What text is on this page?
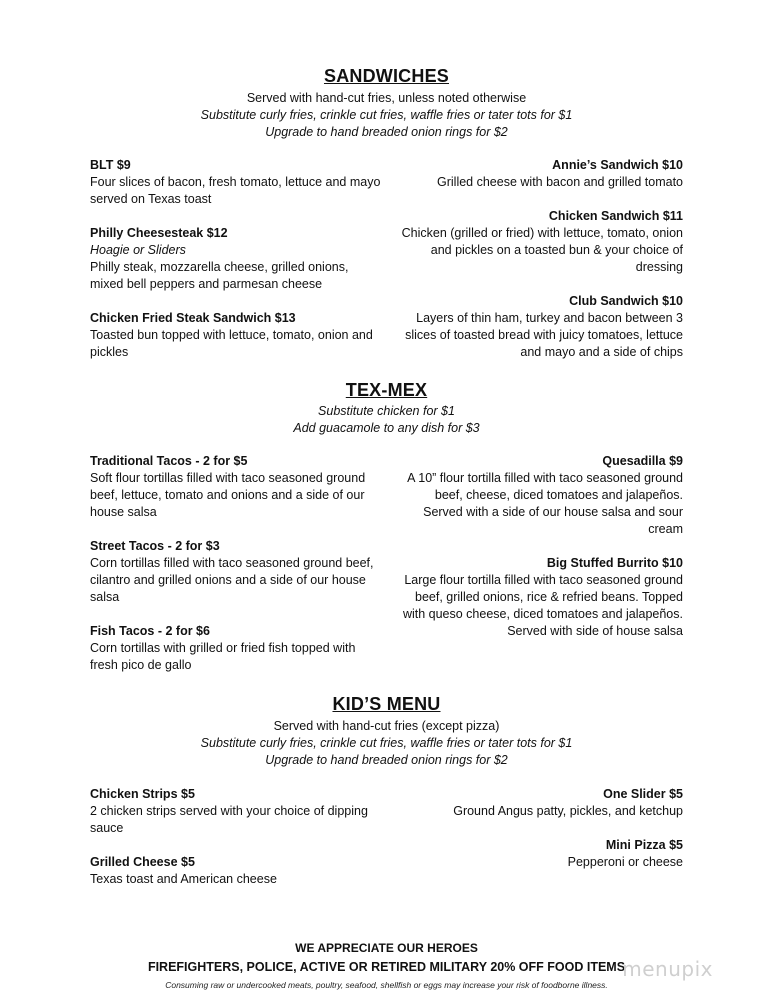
SANDWICHES
Served with hand-cut fries, unless noted otherwise
Substitute curly fries, crinkle cut fries, waffle fries or tater tots for $1
Upgrade to hand breaded onion rings for $2
BLT $9
Four slices of bacon, fresh tomato, lettuce and mayo served on Texas toast
Philly Cheesesteak $12
Hoagie or Sliders
Philly steak, mozzarella cheese, grilled onions, mixed bell peppers and parmesan cheese
Chicken Fried Steak Sandwich $13
Toasted bun topped with lettuce, tomato, onion and pickles
Annie’s Sandwich $10
Grilled cheese with bacon and grilled tomato
Chicken Sandwich $11
Chicken (grilled or fried) with lettuce, tomato, onion and pickles on a toasted bun & your choice of dressing
Club Sandwich $10
Layers of thin ham, turkey and bacon between 3 slices of toasted bread with juicy tomatoes, lettuce and mayo and a side of chips
TEX-MEX
Substitute chicken for $1
Add guacamole to any dish for $3
Traditional Tacos - 2 for $5
Soft flour tortillas filled with taco seasoned ground beef, lettuce, tomato and onions and a side of our house salsa
Street Tacos - 2 for $3
Corn tortillas filled with taco seasoned ground beef, cilantro and grilled onions and a side of our house salsa
Fish Tacos - 2 for $6
Corn tortillas with grilled or fried fish topped with fresh pico de gallo
Quesadilla $9
A 10” flour tortilla filled with taco seasoned ground beef, cheese, diced tomatoes and jalapeños. Served with a side of our house salsa and sour cream
Big Stuffed Burrito $10
Large flour tortilla filled with taco seasoned ground beef, grilled onions, rice & refried beans. Topped with queso cheese, diced tomatoes and jalapeños. Served with side of house salsa
KID’S MENU
Served with hand-cut fries (except pizza)
Substitute curly fries, crinkle cut fries, waffle fries or tater tots for $1
Upgrade to hand breaded onion rings for $2
Chicken Strips $5
2 chicken strips served with your choice of dipping sauce
Grilled Cheese $5
Texas toast and American cheese
One Slider $5
Ground Angus patty, pickles, and ketchup
Mini Pizza $5
Pepperoni or cheese
WE APPRECIATE OUR HEROES
FIREFIGHTERS, POLICE, ACTIVE OR RETIRED MILITARY 20% OFF FOOD ITEMS
Consuming raw or undercooked meats, poultry, seafood, shellfish or eggs may increase your risk of foodborne illness.
menupix
